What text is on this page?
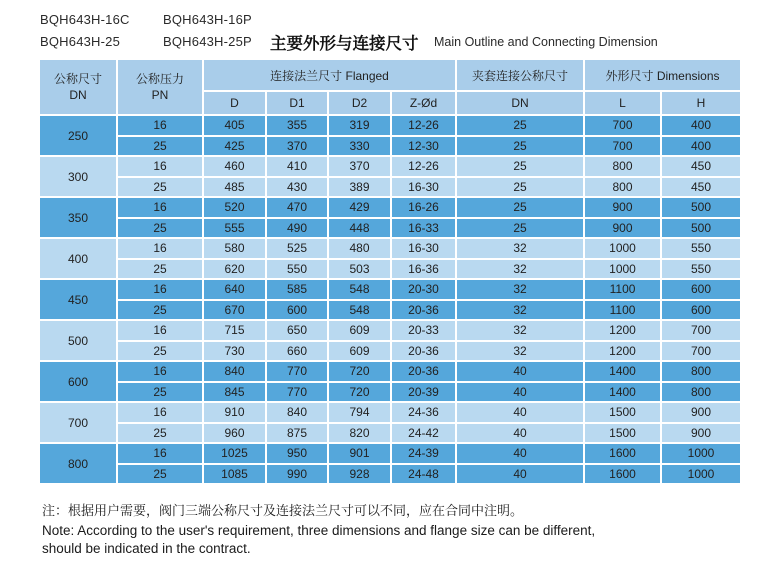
BQH643H-16C	BQH643H-16P
BQH643H-25	BQH643H-25P 主要外形与连接尺寸 Main Outline and Connecting Dimension
公称尺寸
DN

公称压力
PN
	连接法兰尺寸 Flanged	夹套连接公称尺寸	外形尺寸 Dimensions
		D	D1	D2	Z-Ød	DN	L	H
250	16	405	355	319	12-26	25	700	400
	25	425	370	330	12-30	25	700	400
300	16	460	410	370	12-26	25	800	450
	25	485	430	389	16-30	25	800	450
350	16	520	470	429	16-26	25	900	500
	25	555	490	448	16-33	25	900	500
400	16	580	525	480	16-30	32	1000	550
	25	620	550	503	16-36	32	1000	550
450	16	640	585	548	20-30	32	1100	600
	25	670	600	548	20-36	32	1100	600
500	16	715	650	609	20-33	32	1200	700
	25	730	660	609	20-36	32	1200	700
600	16	840	770	720	20-36	40	1400	800
	25	845	770	720	20-39	40	1400	800
700	16	910	840	794	24-36	40	1500	900
	25	960	875	820	24-42	40	1500	900
800	16	1025	950	901	24-39	40	1600	1000
	25	1085	990	928	24-48	40	1600	1000
注：根据用户需要，阀门三端公称尺寸及连接法兰尺寸可以不同，应在合同中注明。
Note: According to the user's requirement, three dimensions and flange size can be different,
should be indicated in the contract.
